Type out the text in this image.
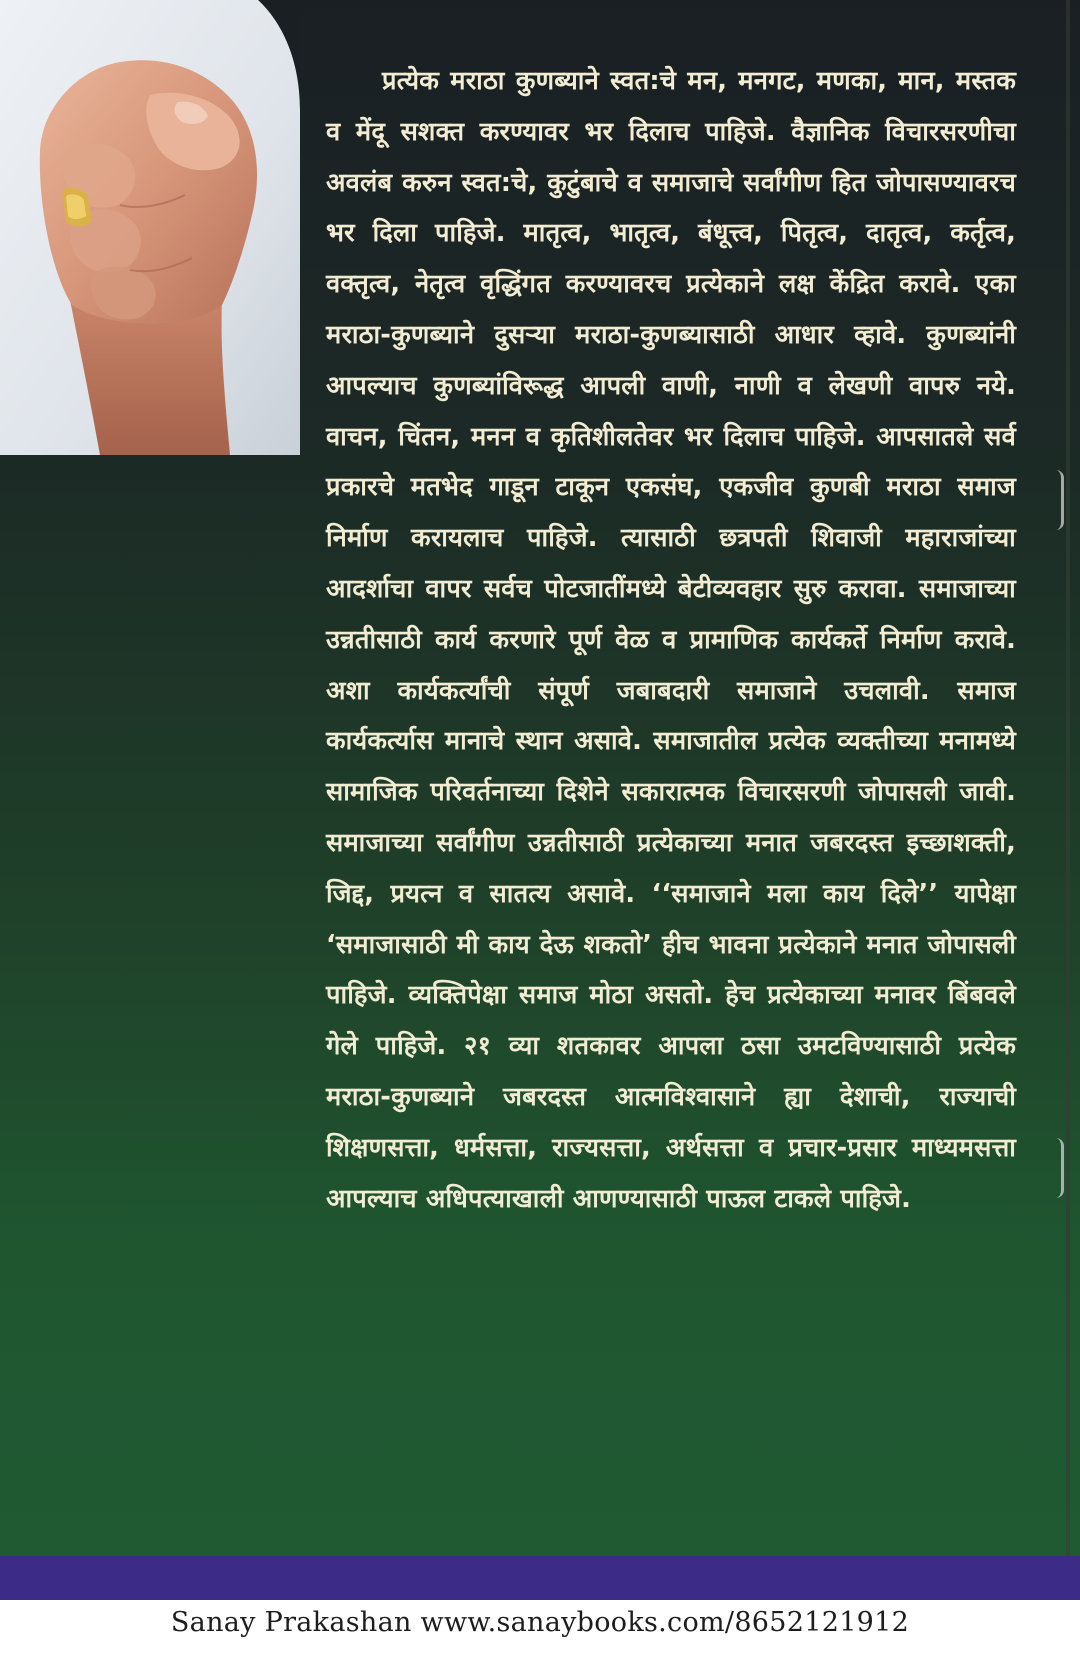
प्रत्येक मराठा कुणब्याने स्वत:चे मन, मनगट, मणका, मान, मस्तक व मेंदू सशक्त करण्यावर भर दिलाच पाहिजे. वैज्ञानिक विचारसरणीचा अवलंब करुन स्वत:चे, कुटुंबाचे व समाजाचे सर्वांगीण हित जोपासण्यावरच भर दिला पाहिजे. मातृत्व, भातृत्व, बंधूत्त्व, पितृत्व, दातृत्व, कर्तृत्व, वक्तृत्व, नेतृत्व वृद्धिंगत करण्यावरच प्रत्येकाने लक्ष केंद्रित करावे. एका मराठा-कुणब्याने दुसऱ्या मराठा-कुणब्यासाठी आधार व्हावे. कुणब्यांनी आपल्याच कुणब्यांविरूद्ध आपली वाणी, नाणी व लेखणी वापरु नये. वाचन, चिंतन, मनन व कृतिशीलतेवर भर दिलाच पाहिजे. आपसातले सर्व प्रकारचे मतभेद गाडून टाकून एकसंघ, एकजीव कुणबी मराठा समाज निर्माण करायलाच पाहिजे. त्यासाठी छत्रपती शिवाजी महाराजांच्या आदर्शाचा वापर सर्वच पोटजातींमध्ये बेटीव्यवहार सुरु करावा. समाजाच्या उन्नतीसाठी कार्य करणारे पूर्ण वेळ व प्रामाणिक कार्यकर्ते निर्माण करावे. अशा कार्यकर्त्यांची संपूर्ण जबाबदारी समाजाने उचलावी. समाज कार्यकर्त्यास मानाचे स्थान असावे. समाजातील प्रत्येक व्यक्तीच्या मनामध्ये सामाजिक परिवर्तनाच्या दिशेने सकारात्मक विचारसरणी जोपासली जावी. समाजाच्या सर्वांगीण उन्नतीसाठी प्रत्येकाच्या मनात जबरदस्त इच्छाशक्ती, जिद्द, प्रयत्न व सातत्य असावे. ‘‘समाजाने मला काय दिले’’ यापेक्षा ‘समाजासाठी मी काय देऊ शकतो’ हीच भावना प्रत्येकाने मनात जोपासली पाहिजे. व्यक्तिपेक्षा समाज मोठा असतो. हेच प्रत्येकाच्या मनावर बिंबवले गेले पाहिजे. २१ व्या शतकावर आपला ठसा उमटविण्यासाठी प्रत्येक मराठा-कुणब्याने जबरदस्त आत्मविश्वासाने ह्या देशाची, राज्याची शिक्षणसत्ता, धर्मसत्ता, राज्यसत्ता, अर्थसत्ता व प्रचार-प्रसार माध्यमसत्ता आपल्याच अधिपत्याखाली आणण्यासाठी पाऊल टाकले पाहिजे.

Sanay Prakashan www.sanaybooks.com/8652121912
